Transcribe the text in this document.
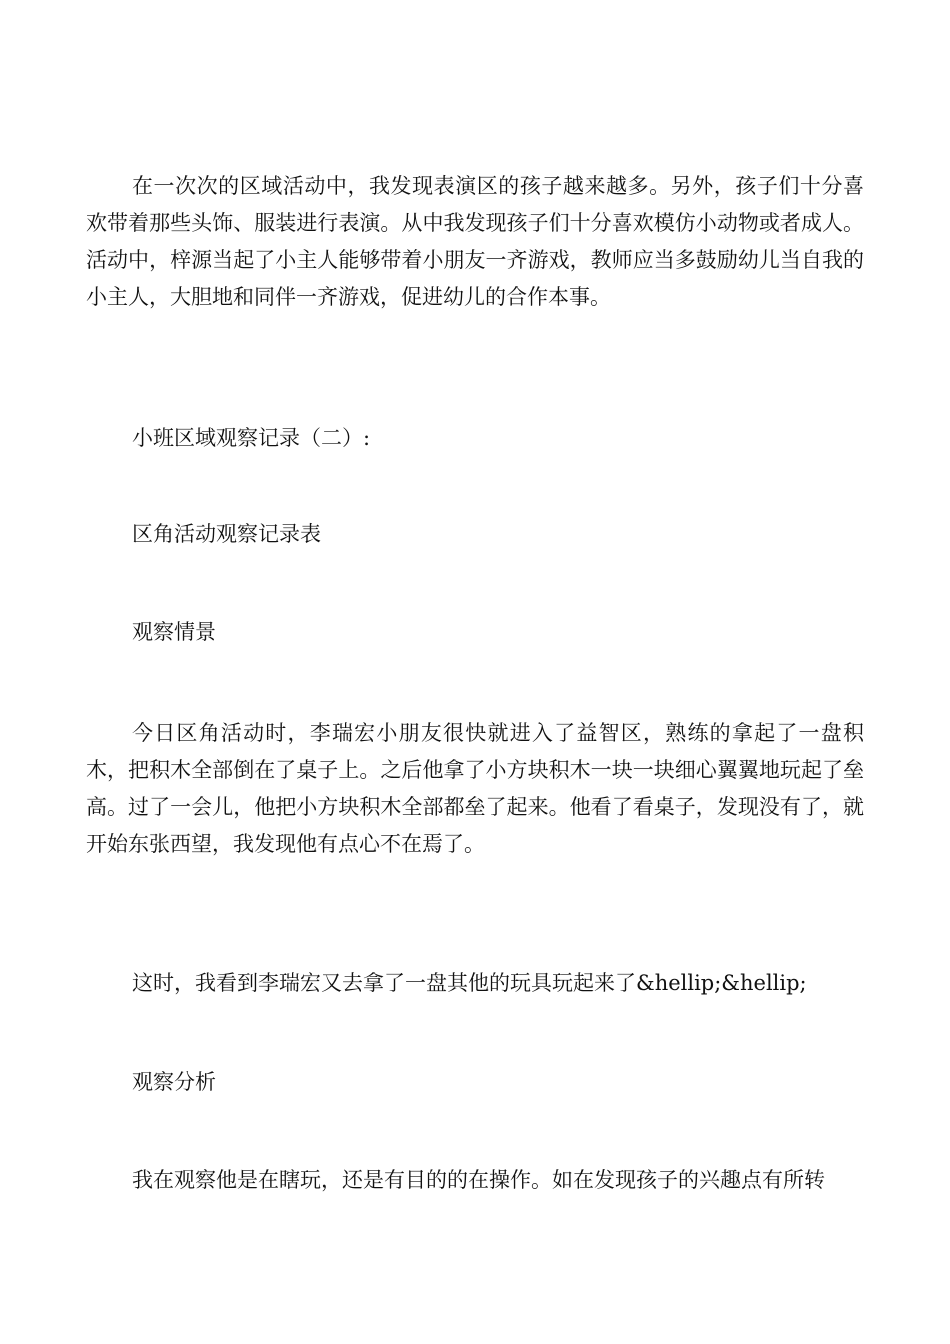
在一次次的区域活动中，我发现表演区的孩子越来越多。另外，孩子们十分喜欢带着那些头饰、服装进行表演。从中我发现孩子们十分喜欢模仿小动物或者成人。活动中，梓源当起了小主人能够带着小朋友一齐游戏，教师应当多鼓励幼儿当自我的小主人，大胆地和同伴一齐游戏，促进幼儿的合作本事。

小班区域观察记录（二）:

区角活动观察记录表

观察情景

今日区角活动时，李瑞宏小朋友很快就进入了益智区，熟练的拿起了一盘积木，把积木全部倒在了桌子上。之后他拿了小方块积木一块一块细心翼翼地玩起了垒高。过了一会儿，他把小方块积木全部都垒了起来。他看了看桌子，发现没有了，就开始东张西望，我发现他有点心不在焉了。

这时，我看到李瑞宏又去拿了一盘其他的玩具玩起来了&hellip;&hellip;

观察分析

我在观察他是在瞎玩，还是有目的的在操作。如在发现孩子的兴趣点有所转
